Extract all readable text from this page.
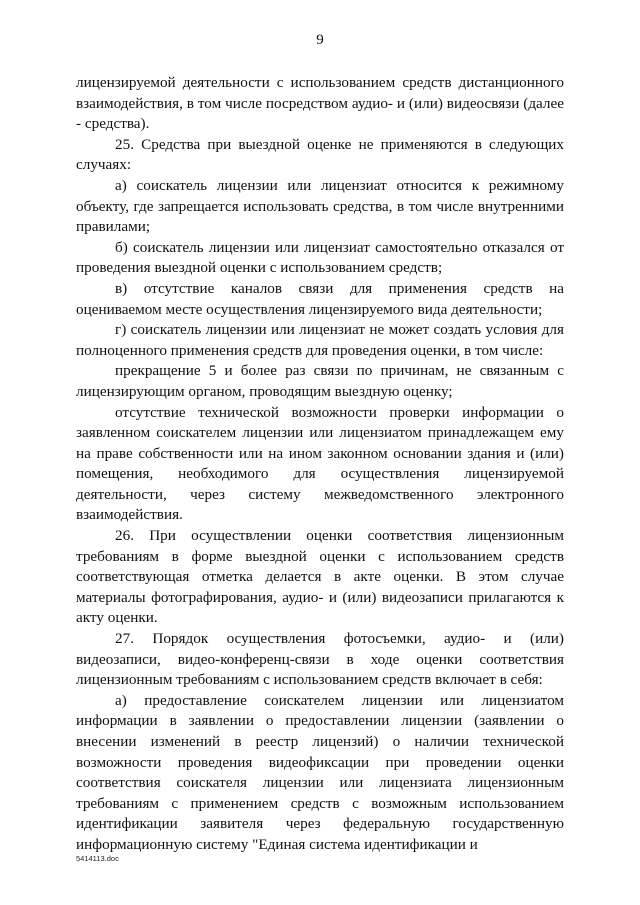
9

лицензируемой деятельности с использованием средств дистанционного взаимодействия, в том числе посредством аудио- и (или) видеосвязи (далее - средства).

25. Средства при выездной оценке не применяются в следующих случаях:

а) соискатель лицензии или лицензиат относится к режимному объекту, где запрещается использовать средства, в том числе внутренними правилами;

б) соискатель лицензии или лицензиат самостоятельно отказался от проведения выездной оценки с использованием средств;

в) отсутствие каналов связи для применения средств на оцениваемом месте осуществления лицензируемого вида деятельности;

г) соискатель лицензии или лицензиат не может создать условия для полноценного применения средств для проведения оценки, в том числе:

прекращение 5 и более раз связи по причинам, не связанным с лицензирующим органом, проводящим выездную оценку;

отсутствие технической возможности проверки информации о заявленном соискателем лицензии или лицензиатом принадлежащем ему на праве собственности или на ином законном основании здания и (или) помещения, необходимого для осуществления лицензируемой деятельности, через систему межведомственного электронного взаимодействия.

26. При осуществлении оценки соответствия лицензионным требованиям в форме выездной оценки с использованием средств соответствующая отметка делается в акте оценки. В этом случае материалы фотографирования, аудио- и (или) видеозаписи прилагаются к акту оценки.

27. Порядок осуществления фотосъемки, аудио- и (или) видеозаписи, видео-конференц-связи в ходе оценки соответствия лицензионным требованиям с использованием средств включает в себя:

а) предоставление соискателем лицензии или лицензиатом информации в заявлении о предоставлении лицензии (заявлении о внесении изменений в реестр лицензий) о наличии технической возможности проведения видеофиксации при проведении оценки соответствия соискателя лицензии или лицензиата лицензионным требованиям с применением средств с возможным использованием идентификации заявителя через федеральную государственную информационную систему "Единая система идентификации и

5414113.doc
